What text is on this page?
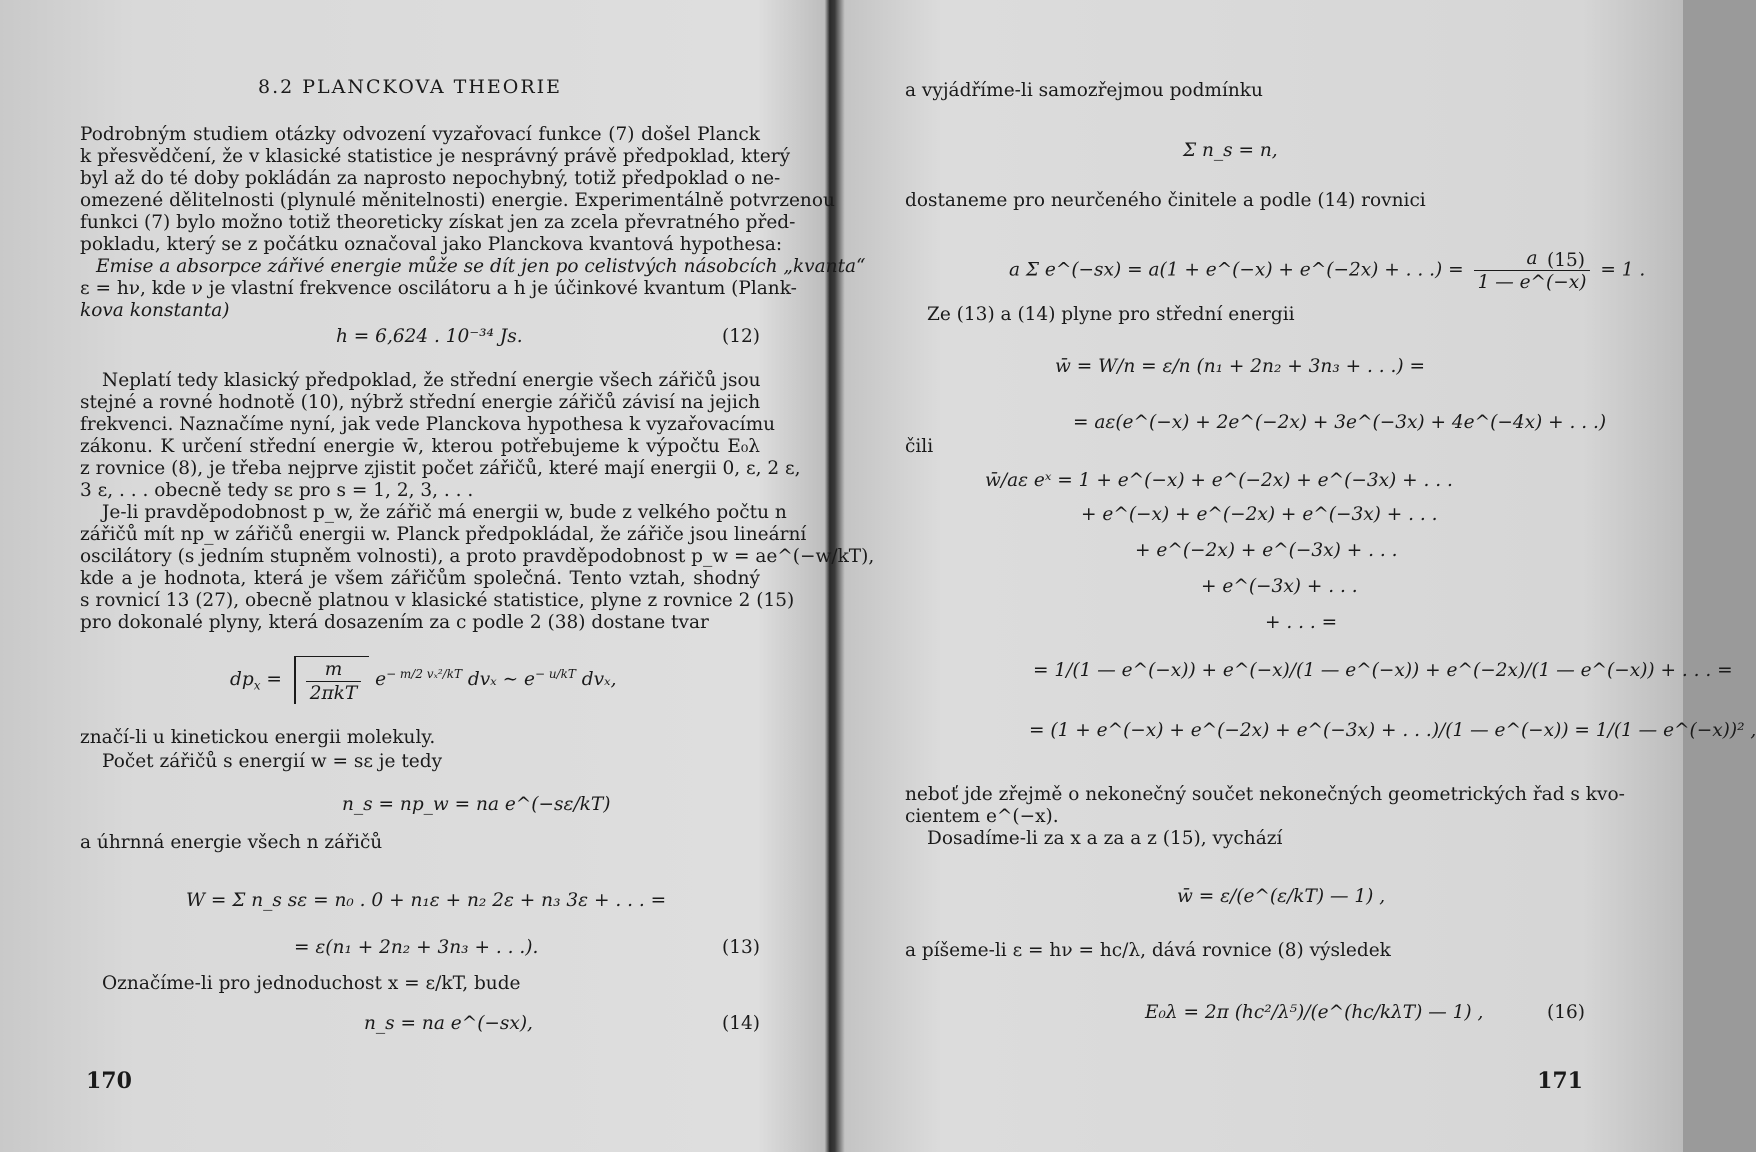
8.2 PLANCKOVA THEORIE
Podrobným studiem otázky odvození vyzařovací funkce (7) došel Planck
k přesvědčení, že v klasické statistice je nesprávný právě předpoklad, který
byl až do té doby pokládán za naprosto nepochybný, totiž předpoklad o ne-
omezené dělitelnosti (plynulé měnitelnosti) energie. Experimentálně potvrzenou
funkci (7) bylo možno totiž theoreticky získat jen za zcela převratného před-
pokladu, který se z počátku označoval jako Planckova kvantová hypothesa:
Emise a absorpce zářivé energie může se dít jen po celistvých násobcích „kvanta“
ε = hν, kde ν je vlastní frekvence oscilátoru a h je účinkové kvantum (Plank-
kova konstanta)
h = 6,624 . 10⁻³⁴ Js.	(12)
Neplatí tedy klasický předpoklad, že střední energie všech zářičů jsou
stejné a rovné hodnotě (10), nýbrž střední energie zářičů závisí na jejich
frekvenci. Naznačíme nyní, jak vede Planckova hypothesa k vyzařovacímu
zákonu. K určení střední energie w̄, kterou potřebujeme k výpočtu E₀λ
z rovnice (8), je třeba nejprve zjistit počet zářičů, které mají energii 0, ε, 2 ε,
3 ε, . . . obecně tedy sε pro s = 1, 2, 3, . . .
Je-li pravděpodobnost p_w, že zářič má energii w, bude z velkého počtu n
zářičů mít np_w zářičů energii w. Planck předpokládal, že zářiče jsou lineární
oscilátory (s jedním stupněm volnosti), a proto pravděpodobnost p_w = ae^(−w/kT),
kde a je hodnota, která je všem zářičům společná. Tento vztah, shodný
s rovnicí 13 (27), obecně platnou v klasické statistice, plyne z rovnice 2 (15)
pro dokonalé plyny, která dosazením za c podle 2 (38) dostane tvar
$dp_x = \frac{m}{\text{2πkT}} e^{- m/2 v_x^2/kT}$ dvₓ ∼ $e^{- u/kT}$ dvₓ,
značí-li u kinetickou energii molekuly.
Počet zářičů s energií w = sε je tedy
n_s = np_w = na e^(−sε/kT)
a úhrnná energie všech n zářičů
W = Σ n_s sε = n₀ . 0 + n₁ε + n₂ 2ε + n₃ 3ε + . . . =
= ε(n₁ + 2n₂ + 3n₃ + . . .).	(13)
Označíme-li pro jednoduchost x = ε/kT, bude
n_s = na e^(−sx),	(14)
170
a vyjádříme-li samozřejmou podmínku
Σ n_s = n,
dostaneme pro neurčeného činitele a podle (14) rovnici
a Σ e^(−sx) = a(1 + e^(−x) + e^(−2x) + . . .) = $\frac{a}{1 — e\^{}(-x)} = 1$ .
(15)
Ze (13) a (14) plyne pro střední energii
w̄ = W/n = ε/n (n₁ + 2n₂ + 3n₃ + . . .) =
= aε(e^(−x) + 2e^(−2x) + 3e^(−3x) + 4e^(−4x) + . . .)
čili
w̄/aε eˣ = 1 + e^(−x) + e^(−2x) + e^(−3x) + . . .
+ e^(−x) + e^(−2x) + e^(−3x) + . . .
+ e^(−2x) + e^(−3x) + . . .
+ e^(−3x) + . . .
+ . . . =
= 1/(1 — e^(−x)) + e^(−x)/(1 — e^(−x)) + e^(−2x)/(1 — e^(−x)) + . . . =
= (1 + e^(−x) + e^(−2x) + e^(−3x) + . . .)/(1 — e^(−x)) = 1/(1 — e^(−x))² ,
neboť jde zřejmě o nekonečný součet nekonečných geometrických řad s kvo-
cientem e^(−x).
Dosadíme-li za x a za a z (15), vychází
w̄ = ε/(e^(ε/kT) — 1) ,
a píšeme-li ε = hν = hc/λ, dává rovnice (8) výsledek
E₀λ = 2π (hc²/λ⁵)/(e^(hc/kλT) — 1) ,	(16)
171
